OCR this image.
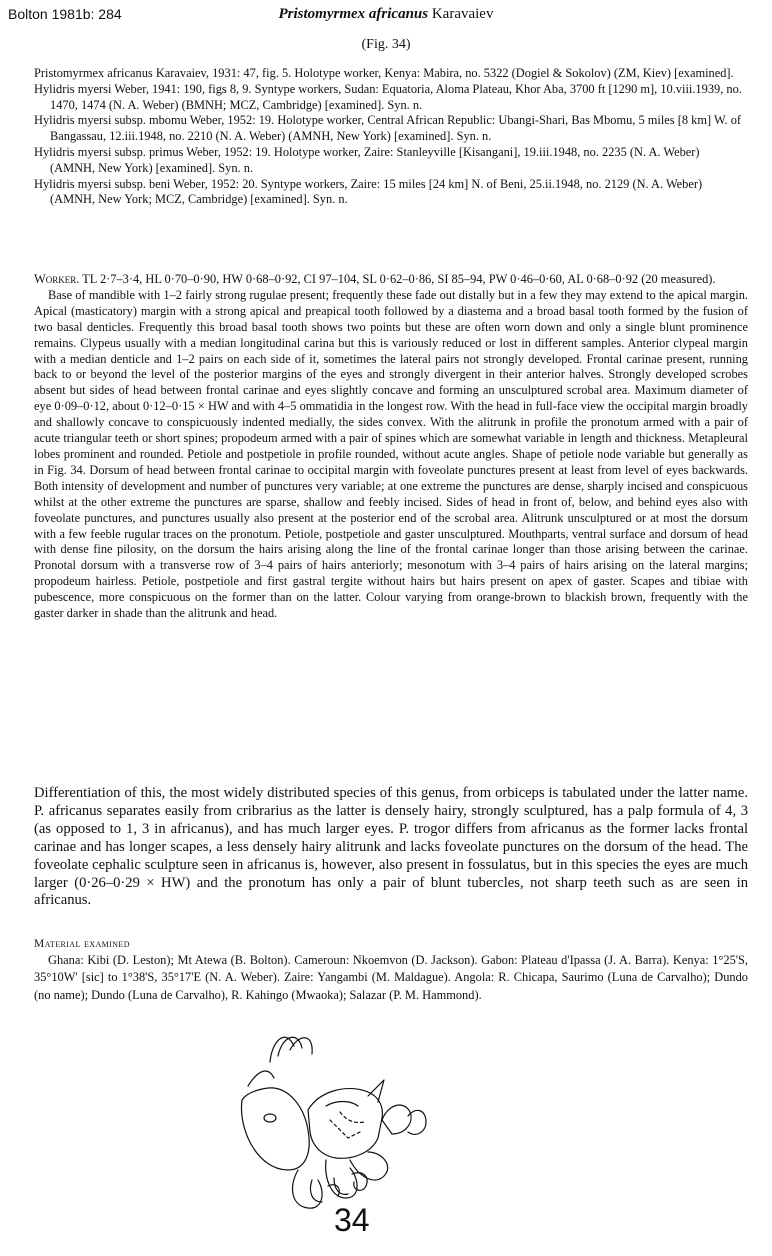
Bolton 1981b: 284	Pristomyrmex africanus Karavaiev
(Fig. 34)

Pristomyrmex africanus Karavaiev, 1931: 47, fig. 5. Holotype worker, Kenya: Mabira, no. 5322 (Dogiel & Sokolov) (ZM, Kiev) [examined].

Hylidris myersi Weber, 1941: 190, figs 8, 9. Syntype workers, Sudan: Equatoria, Aloma Plateau, Khor Aba, 3700 ft [1290 m], 10.viii.1939, no. 1470, 1474 (N. A. Weber) (BMNH; MCZ, Cambridge) [examined]. Syn. n.

Hylidris myersi subsp. mbomu Weber, 1952: 19. Holotype worker, Central African Republic: Ubangi-Shari, Bas Mbomu, 5 miles [8 km] W. of Bangassau, 12.iii.1948, no. 2210 (N. A. Weber) (AMNH, New York) [examined]. Syn. n.

Hylidris myersi subsp. primus Weber, 1952: 19. Holotype worker, Zaire: Stanleyville [Kisangani], 19.iii.1948, no. 2235 (N. A. Weber) (AMNH, New York) [examined]. Syn. n.

Hylidris myersi subsp. beni Weber, 1952: 20. Syntype workers, Zaire: 15 miles [24 km] N. of Beni, 25.ii.1948, no. 2129 (N. A. Weber) (AMNH, New York; MCZ, Cambridge) [examined]. Syn. n.

Worker. TL 2·7–3·4, HL 0·70–0·90, HW 0·68–0·92, CI 97–104, SL 0·62–0·86, SI 85–94, PW 0·46–0·60, AL 0·68–0·92 (20 measured).

Base of mandible with 1–2 fairly strong rugulae present; frequently these fade out distally but in a few they may extend to the apical margin. Apical (masticatory) margin with a strong apical and preapical tooth followed by a diastema and a broad basal tooth formed by the fusion of two basal denticles. Frequently this broad basal tooth shows two points but these are often worn down and only a single blunt prominence remains. Clypeus usually with a median longitudinal carina but this is variously reduced or lost in different samples. Anterior clypeal margin with a median denticle and 1–2 pairs on each side of it, sometimes the lateral pairs not strongly developed. Frontal carinae present, running back to or beyond the level of the posterior margins of the eyes and strongly divergent in their anterior halves. Strongly developed scrobes absent but sides of head between frontal carinae and eyes slightly concave and forming an unsculptured scrobal area. Maximum diameter of eye 0·09–0·12, about 0·12–0·15 × HW and with 4–5 ommatidia in the longest row. With the head in full-face view the occipital margin broadly and shallowly concave to conspicuously indented medially, the sides convex. With the alitrunk in profile the pronotum armed with a pair of acute triangular teeth or short spines; propodeum armed with a pair of spines which are somewhat variable in length and thickness. Metapleural lobes prominent and rounded. Petiole and postpetiole in profile rounded, without acute angles. Shape of petiole node variable but generally as in Fig. 34. Dorsum of head between frontal carinae to occipital margin with foveolate punctures present at least from level of eyes backwards. Both intensity of development and number of punctures very variable; at one extreme the punctures are dense, sharply incised and conspicuous whilst at the other extreme the punctures are sparse, shallow and feebly incised. Sides of head in front of, below, and behind eyes also with foveolate punctures, and punctures usually also present at the posterior end of the scrobal area. Alitrunk unsculptured or at most the dorsum with a few feeble rugular traces on the pronotum. Petiole, postpetiole and gaster unsculptured. Mouthparts, ventral surface and dorsum of head with dense fine pilosity, on the dorsum the hairs arising along the line of the frontal carinae longer than those arising between the carinae. Pronotal dorsum with a transverse row of 3–4 pairs of hairs anteriorly; mesonotum with 3–4 pairs of hairs arising on the lateral margins; propodeum hairless. Petiole, postpetiole and first gastral tergite without hairs but hairs present on apex of gaster. Scapes and tibiae with pubescence, more conspicuous on the former than on the latter. Colour varying from orange-brown to blackish brown, frequently with the gaster darker in shade than the alitrunk and head.

Differentiation of this, the most widely distributed species of this genus, from orbiceps is tabulated under the latter name. P. africanus separates easily from cribrarius as the latter is densely hairy, strongly sculptured, has a palp formula of 4, 3 (as opposed to 1, 3 in africanus), and has much larger eyes. P. trogor differs from africanus as the former lacks frontal carinae and has longer scapes, a less densely hairy alitrunk and lacks foveolate punctures on the dorsum of the head. The foveolate cephalic sculpture seen in africanus is, however, also present in fossulatus, but in this species the eyes are much larger (0·26–0·29 × HW) and the pronotum has only a pair of blunt tubercles, not sharp teeth such as are seen in africanus.

Material examined

Ghana: Kibi (D. Leston); Mt Atewa (B. Bolton). Cameroun: Nkoemvon (D. Jackson). Gabon: Plateau d'Ipassa (J. A. Barra). Kenya: 1°25'S, 35°10W' [sic] to 1°38'S, 35°17'E (N. A. Weber). Zaire: Yangambi (M. Maldague). Angola: R. Chicapa, Saurimo (Luna de Carvalho); Dundo (no name); Dundo (Luna de Carvalho), R. Kahingo (Mwaoka); Salazar (P. M. Hammond).

34
